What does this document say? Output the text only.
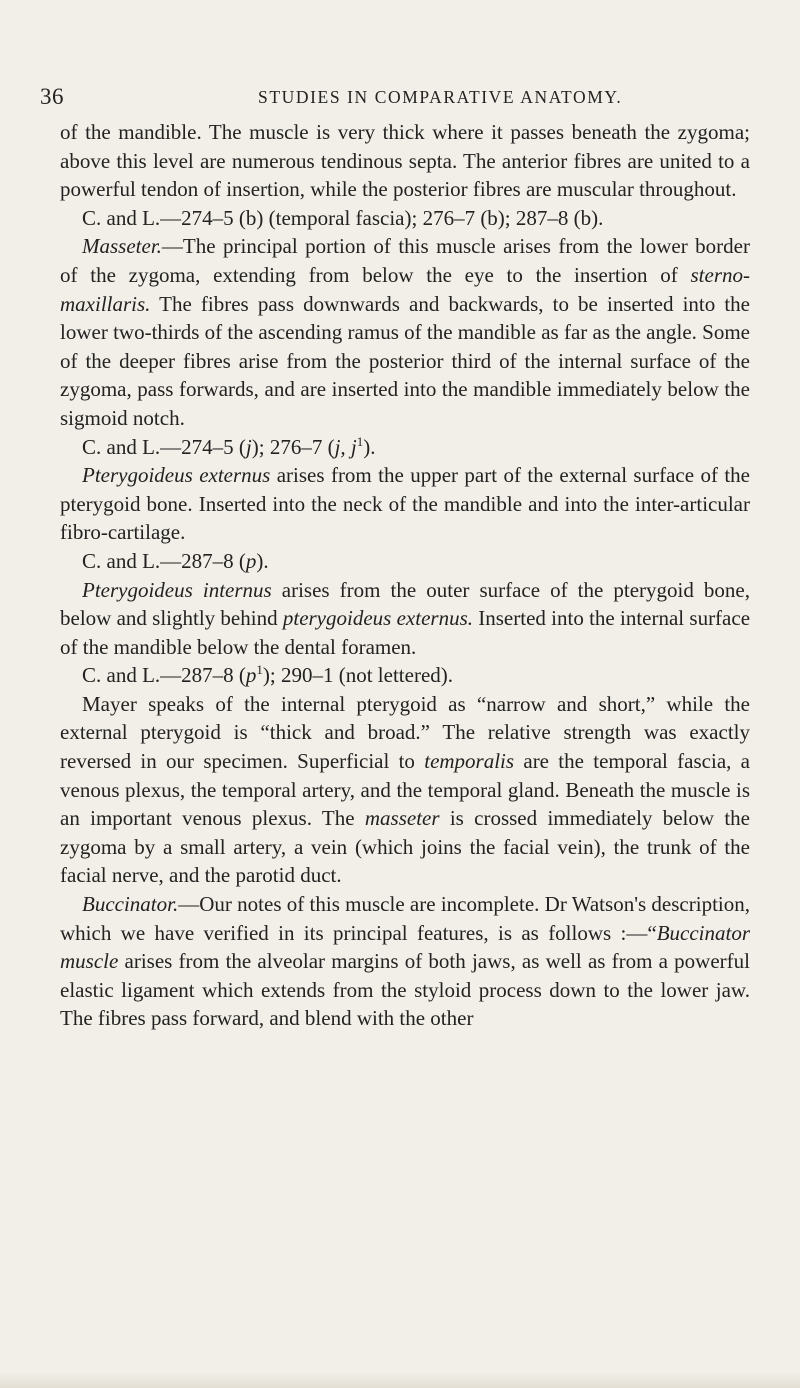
36	STUDIES IN COMPARATIVE ANATOMY.

of the mandible. The muscle is very thick where it passes beneath the zygoma; above this level are numerous tendinous septa. The anterior fibres are united to a powerful tendon of insertion, while the posterior fibres are muscular throughout.

C. and L.—274–5 (b) (temporal fascia); 276–7 (b); 287–8 (b).

Masseter.—The principal portion of this muscle arises from the lower border of the zygoma, extending from below the eye to the insertion of sterno-maxillaris. The fibres pass downwards and backwards, to be inserted into the lower two-thirds of the ascending ramus of the mandible as far as the angle. Some of the deeper fibres arise from the posterior third of the internal surface of the zygoma, pass forwards, and are inserted into the mandible immediately below the sigmoid notch.

C. and L.—274–5 (j); 276–7 (j, $j^1$).

Pterygoideus externus arises from the upper part of the external surface of the pterygoid bone. Inserted into the neck of the mandible and into the inter-articular fibro-cartilage.

C. and L.—287–8 (p).

Pterygoideus internus arises from the outer surface of the pterygoid bone, below and slightly behind pterygoideus externus. Inserted into the internal surface of the mandible below the dental foramen.

C. and L.—287–8 $(p^1)$; 290–1 (not lettered).

Mayer speaks of the internal pterygoid as “narrow and short,” while the external pterygoid is “thick and broad.” The relative strength was exactly reversed in our specimen. Superficial to temporalis are the temporal fascia, a venous plexus, the temporal artery, and the temporal gland. Beneath the muscle is an important venous plexus. The masseter is crossed immediately below the zygoma by a small artery, a vein (which joins the facial vein), the trunk of the facial nerve, and the parotid duct.

Buccinator.—Our notes of this muscle are incomplete. Dr Watson's description, which we have verified in its principal features, is as follows :—“Buccinator muscle arises from the alveolar margins of both jaws, as well as from a powerful elastic ligament which extends from the styloid process down to the lower jaw. The fibres pass forward, and blend with the other
